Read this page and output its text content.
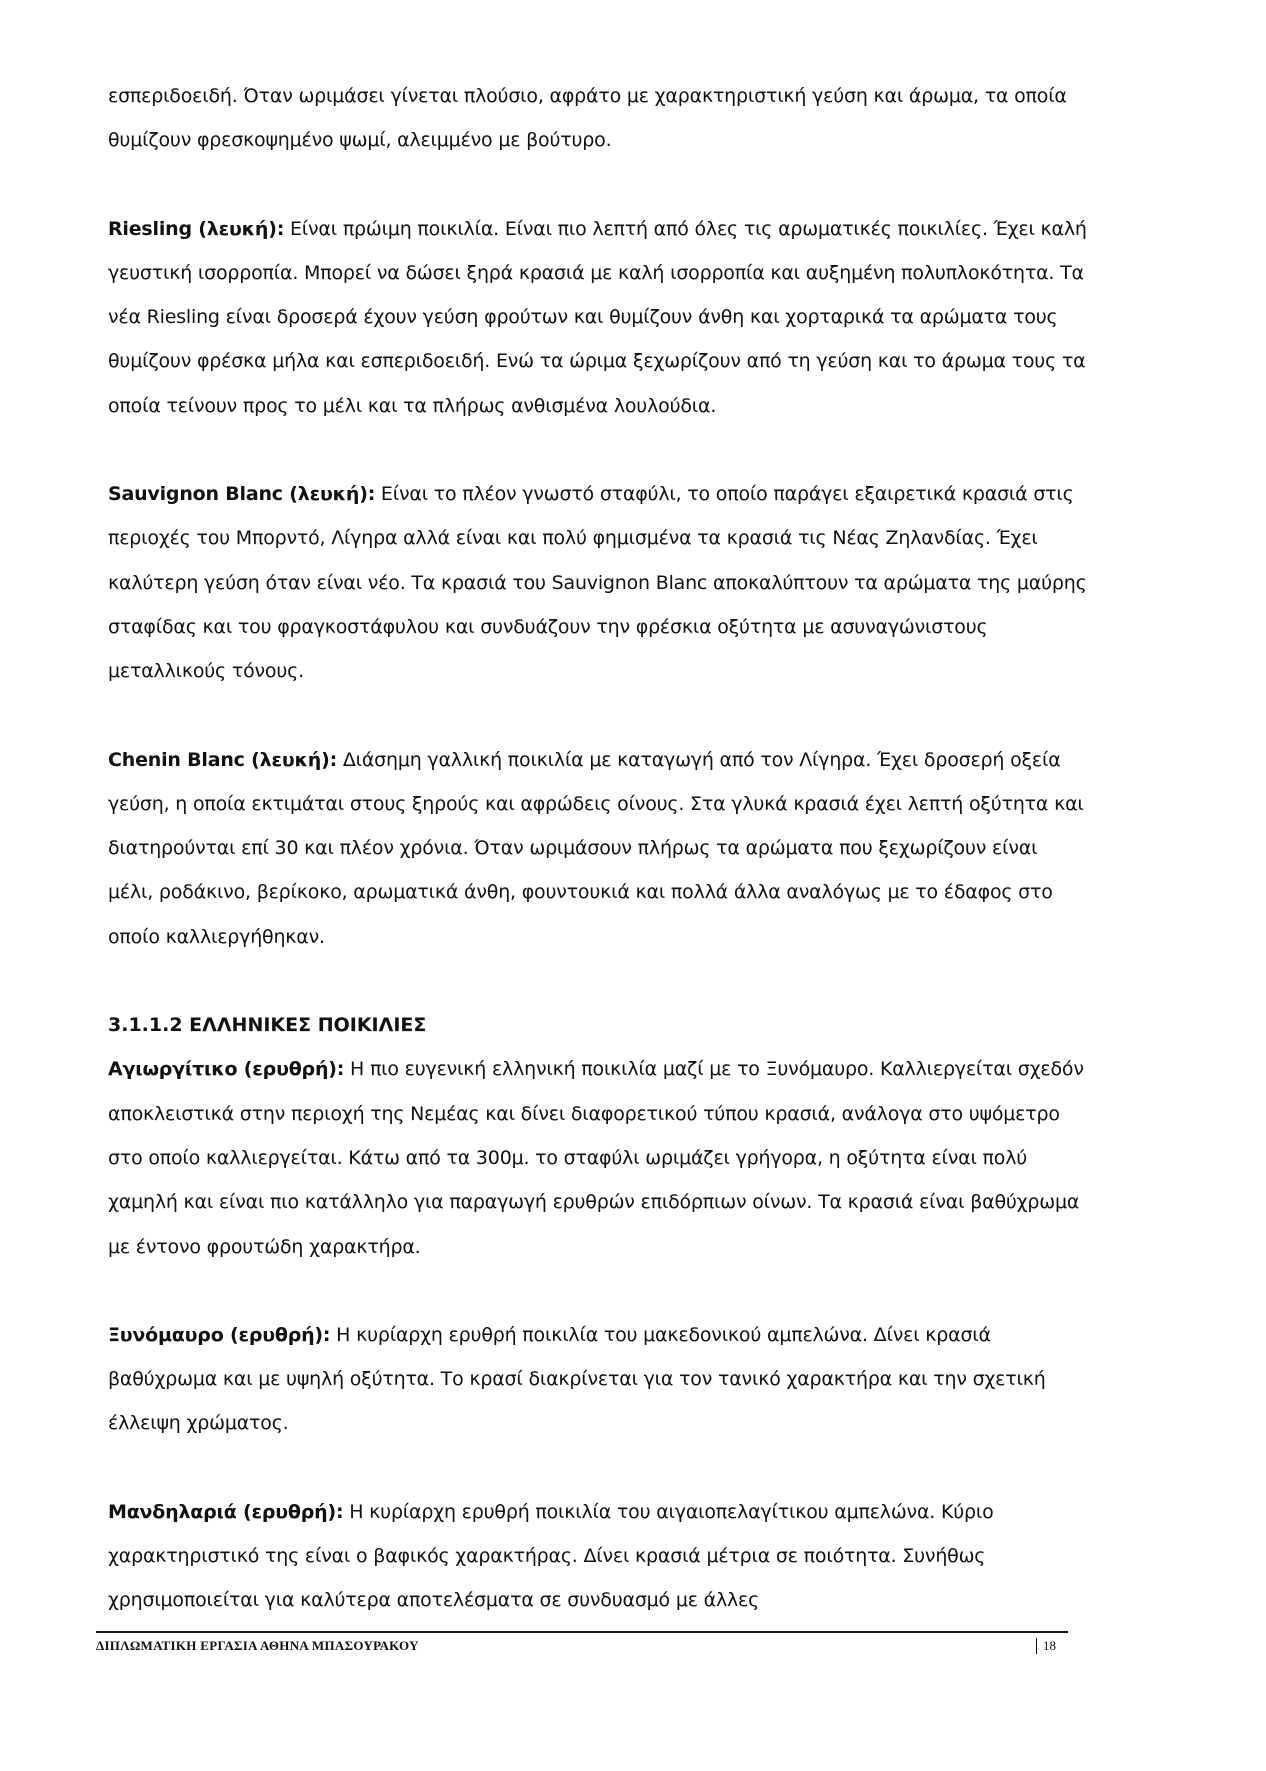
εσπεριδοειδή. Όταν ωριμάσει γίνεται πλούσιο, αφράτο με χαρακτηριστική γεύση και άρωμα, τα οποία θυμίζουν φρεσκοψημένο ψωμί, αλειμμένο με βούτυρο.

Riesling (λευκή): Είναι πρώιμη ποικιλία. Είναι πιο λεπτή από όλες τις αρωματικές ποικιλίες. Έχει καλή γευστική ισορροπία. Μπορεί να δώσει ξηρά κρασιά με καλή ισορροπία και αυξημένη πολυπλοκότητα. Τα νέα Riesling είναι δροσερά έχουν γεύση φρούτων και θυμίζουν άνθη και χορταρικά τα αρώματα τους θυμίζουν φρέσκα μήλα και εσπεριδοειδή. Ενώ τα ώριμα ξεχωρίζουν από τη γεύση και το άρωμα τους τα οποία τείνουν προς το μέλι και τα πλήρως ανθισμένα λουλούδια.

Sauvignon Blanc (λευκή): Είναι το πλέον γνωστό σταφύλι, το οποίο παράγει εξαιρετικά κρασιά στις περιοχές του Μπορντό, Λίγηρα αλλά είναι και πολύ φημισμένα τα κρασιά τις Νέας Ζηλανδίας. Έχει καλύτερη γεύση όταν είναι νέο. Τα κρασιά του Sauvignon Blanc αποκαλύπτουν τα αρώματα της μαύρης σταφίδας και του φραγκοστάφυλου και συνδυάζουν την φρέσκια οξύτητα με ασυναγώνιστους μεταλλικούς τόνους.

Chenin Blanc (λευκή): Διάσημη γαλλική ποικιλία με καταγωγή από τον Λίγηρα. Έχει δροσερή οξεία γεύση, η οποία εκτιμάται στους ξηρούς και αφρώδεις οίνους. Στα γλυκά κρασιά έχει λεπτή οξύτητα και διατηρούνται επί 30 και πλέον χρόνια. Όταν ωριμάσουν πλήρως τα αρώματα που ξεχωρίζουν είναι μέλι, ροδάκινο, βερίκοκο, αρωματικά άνθη, φουντουκιά και πολλά άλλα αναλόγως με το έδαφος στο οποίο καλλιεργήθηκαν.

3.1.1.2 ΕΛΛΗΝΙΚΕΣ ΠΟΙΚΙΛΙΕΣ

Αγιωργίτικο (ερυθρή): Η πιο ευγενική ελληνική ποικιλία μαζί με το Ξυνόμαυρο. Καλλιεργείται σχεδόν αποκλειστικά στην περιοχή της Νεμέας και δίνει διαφορετικού τύπου κρασιά, ανάλογα στο υψόμετρο στο οποίο καλλιεργείται. Κάτω από τα 300μ. το σταφύλι ωριμάζει γρήγορα, η οξύτητα είναι πολύ χαμηλή και είναι πιο κατάλληλο για παραγωγή ερυθρών επιδόρπιων οίνων. Τα κρασιά είναι βαθύχρωμα με έντονο φρουτώδη χαρακτήρα.

Ξυνόμαυρο (ερυθρή): Η κυρίαρχη ερυθρή ποικιλία του μακεδονικού αμπελώνα. Δίνει κρασιά βαθύχρωμα και με υψηλή οξύτητα. Το κρασί διακρίνεται για τον τανικό χαρακτήρα και την σχετική έλλειψη χρώματος.

Μανδηλαριά (ερυθρή): Η κυρίαρχη ερυθρή ποικιλία του αιγαιοπελαγίτικου αμπελώνα. Κύριο χαρακτηριστικό της είναι ο βαφικός χαρακτήρας. Δίνει κρασιά μέτρια σε ποιότητα. Συνήθως χρησιμοποιείται για καλύτερα αποτελέσματα σε συνδυασμό με άλλες

ΔΙΠΛΩΜΑΤΙΚΗ ΕΡΓΑΣΙΑ ΑΘΗΝΑ ΜΠΑΣΟΥΡΑΚΟΥ	18
